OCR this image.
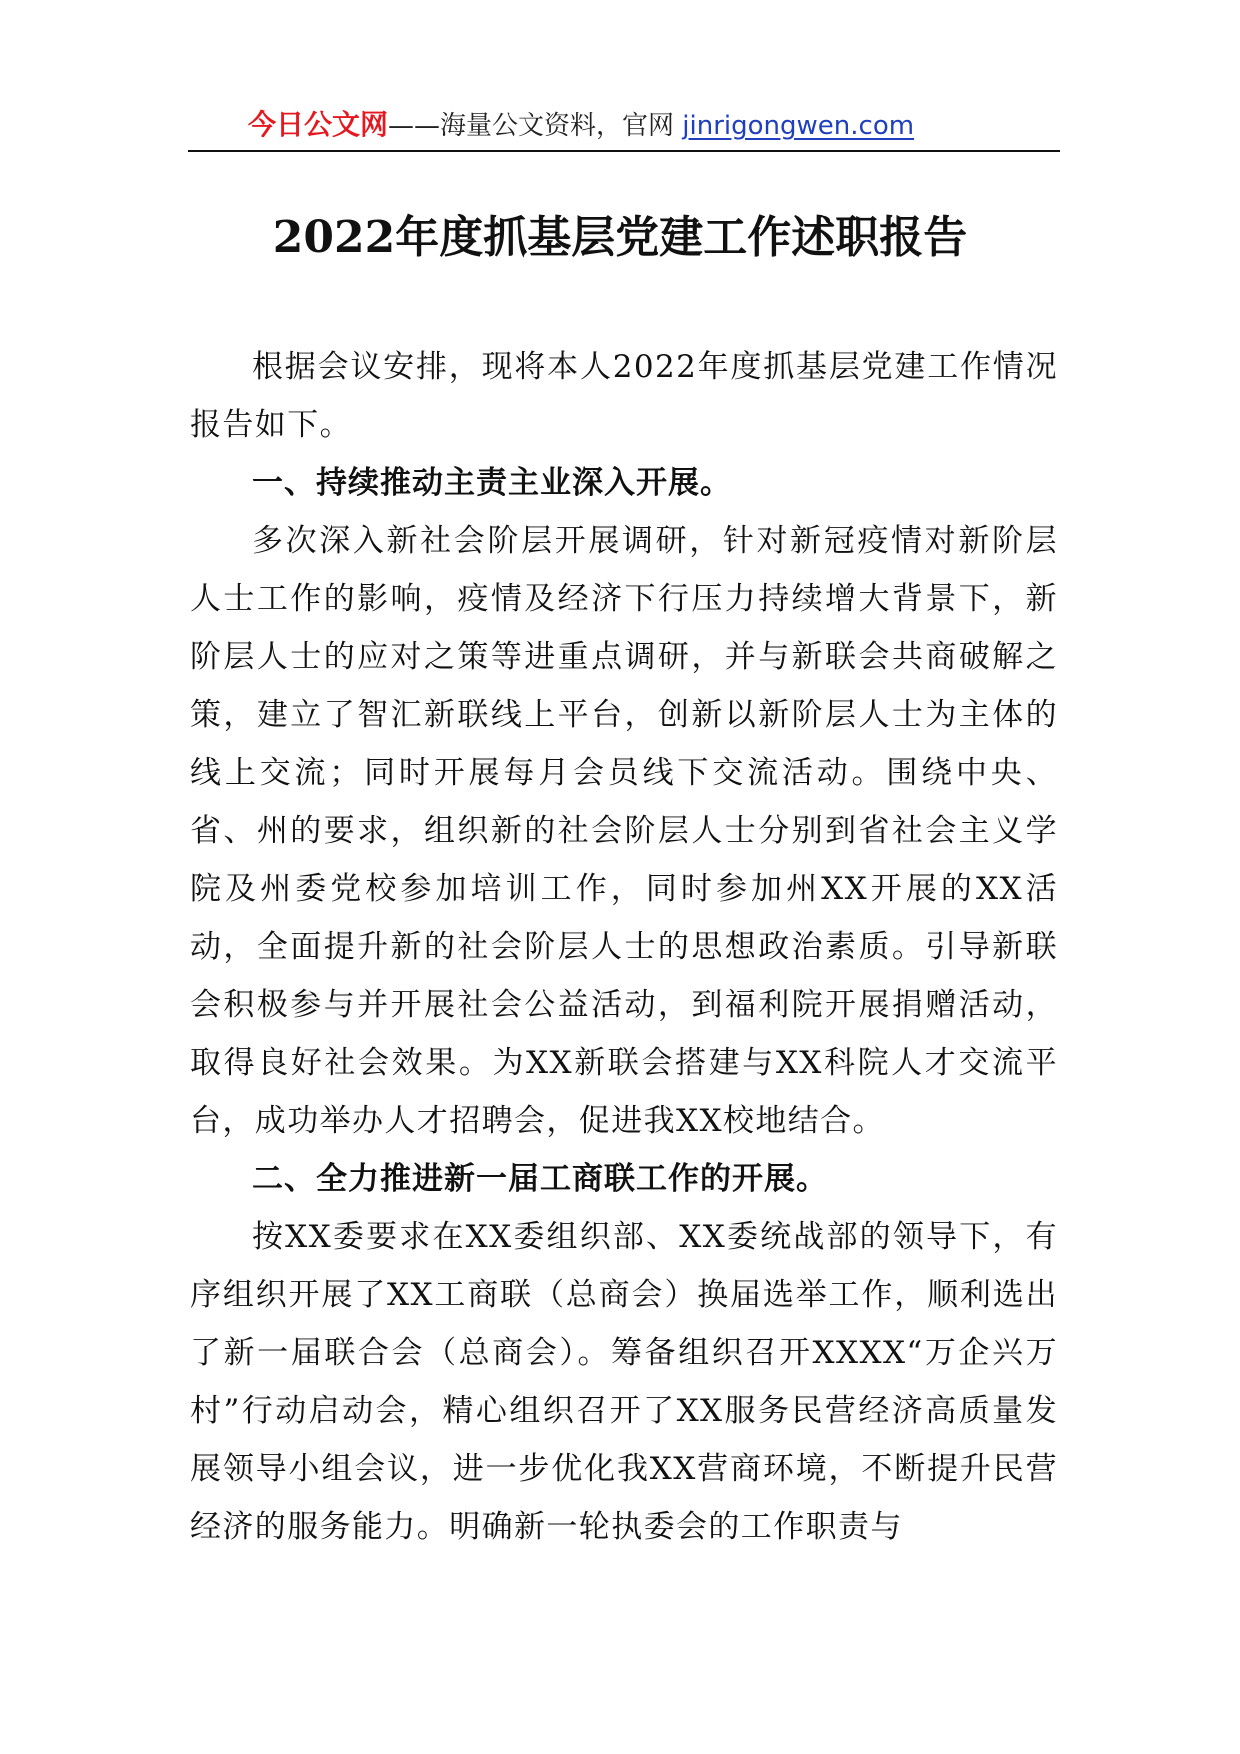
今日公文网——海量公文资料，官网 jinrigongwen.com
2022年度抓基层党建工作述职报告

根据会议安排，现将本人2022年度抓基层党建工作情况报告如下。

一、持续推动主责主业深入开展。

多次深入新社会阶层开展调研，针对新冠疫情对新阶层人士工作的影响，疫情及经济下行压力持续增大背景下，新阶层人士的应对之策等进重点调研，并与新联会共商破解之策，建立了智汇新联线上平台，创新以新阶层人士为主体的线上交流；同时开展每月会员线下交流活动。围绕中央、省、州的要求，组织新的社会阶层人士分别到省社会主义学院及州委党校参加培训工作，同时参加州XX开展的XX活动，全面提升新的社会阶层人士的思想政治素质。引导新联会积极参与并开展社会公益活动，到福利院开展捐赠活动，取得良好社会效果。为XX新联会搭建与XX科院人才交流平台，成功举办人才招聘会，促进我XX校地结合。

二、全力推进新一届工商联工作的开展。

按XX委要求在XX委组织部、XX委统战部的领导下，有序组织开展了XX工商联（总商会）换届选举工作，顺利选出了新一届联合会（总商会）。筹备组织召开XXXX“万企兴万村”行动启动会，精心组织召开了XX服务民营经济高质量发展领导小组会议，进一步优化我XX营商环境，不断提升民营经济的服务能力。明确新一轮执委会的工作职责与
